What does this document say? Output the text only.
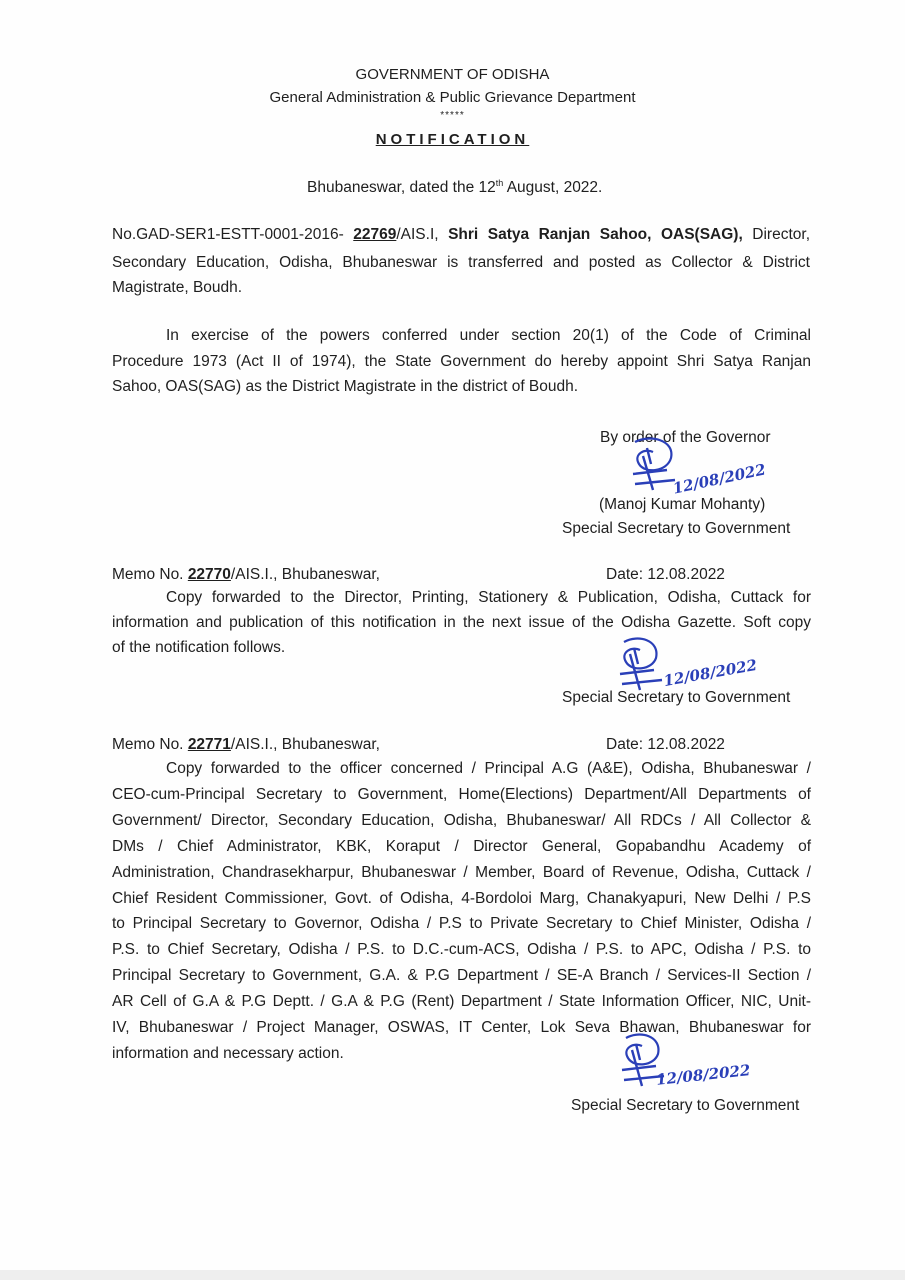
GOVERNMENT OF ODISHA
General Administration & Public Grievance Department
*****
NOTIFICATION
Bhubaneswar, dated the 12th August, 2022.
No.GAD-SER1-ESTT-0001-2016- 22769/AIS.I, Shri Satya Ranjan Sahoo, OAS(SAG), Director,
Secondary Education, Odisha, Bhubaneswar is transferred and posted as Collector & District
Magistrate, Boudh.
In exercise of the powers conferred under section 20(1) of the Code of Criminal
Procedure 1973 (Act II of 1974), the State Government do hereby appoint Shri Satya Ranjan
Sahoo, OAS(SAG) as the District Magistrate in the district of Boudh.
By order of the Governor
12/08/2022
(Manoj Kumar Mohanty)
Special Secretary to Government
Memo No. 22770/AIS.I., Bhubaneswar,	Date: 12.08.2022
Copy forwarded to the Director, Printing, Stationery & Publication, Odisha, Cuttack for
information and publication of this notification in the next issue of the Odisha Gazette. Soft copy
of the notification follows.
12/08/2022
Special Secretary to Government
Memo No. 22771/AIS.I., Bhubaneswar,	Date: 12.08.2022
Copy forwarded to the officer concerned / Principal A.G (A&E), Odisha, Bhubaneswar /
CEO-cum-Principal Secretary to Government, Home(Elections) Department/All Departments of
Government/ Director, Secondary Education, Odisha, Bhubaneswar/ All RDCs / All Collector &
DMs / Chief Administrator, KBK, Koraput / Director General, Gopabandhu Academy of
Administration, Chandrasekharpur, Bhubaneswar / Member, Board of Revenue, Odisha, Cuttack /
Chief Resident Commissioner, Govt. of Odisha, 4-Bordoloi Marg, Chanakyapuri, New Delhi / P.S
to Principal Secretary to Governor, Odisha / P.S to Private Secretary to Chief Minister, Odisha /
P.S. to Chief Secretary, Odisha / P.S. to D.C.-cum-ACS, Odisha / P.S. to APC, Odisha / P.S. to
Principal Secretary to Government, G.A. & P.G Department / SE-A Branch / Services-II Section /
AR Cell of G.A & P.G Deptt. / G.A & P.G (Rent) Department / State Information Officer, NIC, Unit-
IV, Bhubaneswar / Project Manager, OSWAS, IT Center, Lok Seva Bhawan, Bhubaneswar for
information and necessary action.
12/08/2022
Special Secretary to Government
